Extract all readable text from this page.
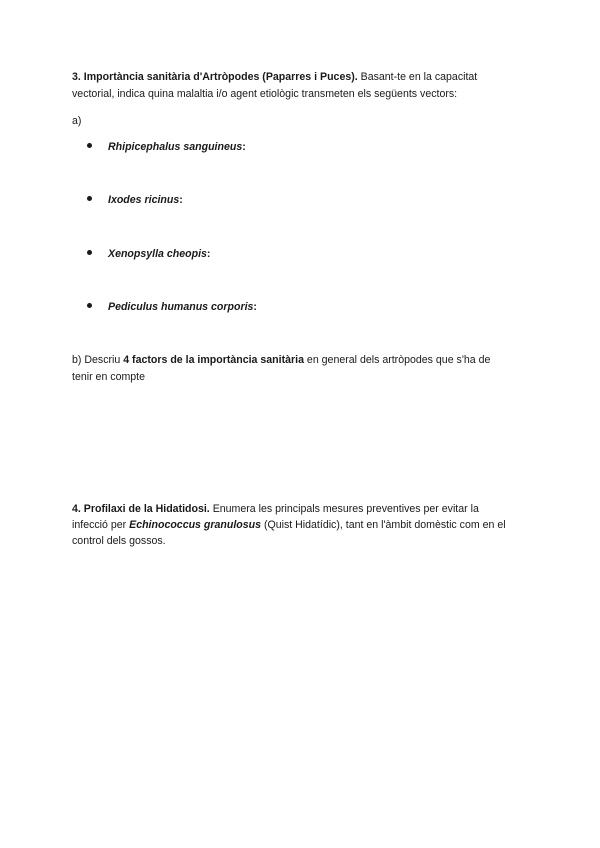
3. Importància sanitària d'Artròpodes (Paparres i Puces). Basant-te en la capacitat
vectorial, indica quina malaltia i/o agent etiològic transmeten els següents vectors:
a)
Rhipicephalus sanguineus:
Ixodes ricinus:
Xenopsylla cheopis:
Pediculus humanus corporis:
b) Descriu 4 factors de la importància sanitària en general dels artròpodes que s'ha de
tenir en compte
4. Profilaxi de la Hidatidosi. Enumera les principals mesures preventives per evitar la
infecció per Echinococcus granulosus (Quist Hidatídic), tant en l'àmbit domèstic com en el
control dels gossos.
